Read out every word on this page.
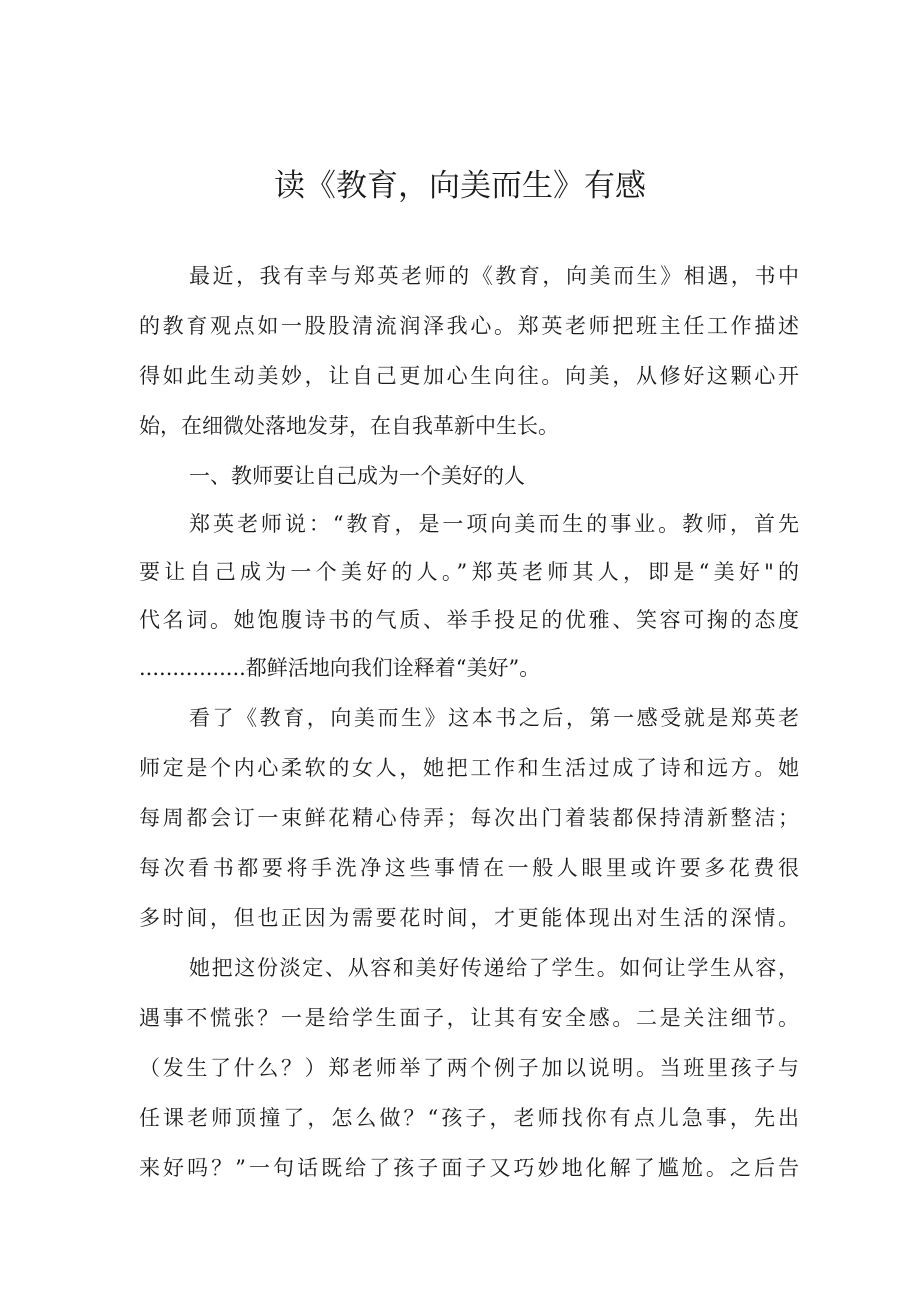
读《教育，向美而生》有感
最近，我有幸与郑英老师的《教育，向美而生》相遇，书中
的教育观点如一股股清流润泽我心。郑英老师把班主任工作描述
得如此生动美妙，让自己更加心生向往。向美，从修好这颗心开
始，在细微处落地发芽，在自我革新中生长。
一、教师要让自己成为一个美好的人
郑英老师说：“教育，是一项向美而生的事业。教师，首先
要让自己成为一个美好的人。”郑英老师其人，即是“美好"的
代名词。她饱腹诗书的气质、举手投足的优雅、笑容可掬的态度
................都鲜活地向我们诠释着“美好”。
看了《教育，向美而生》这本书之后，第一感受就是郑英老
师定是个内心柔软的女人，她把工作和生活过成了诗和远方。她
每周都会订一束鲜花精心侍弄；每次出门着装都保持清新整洁；
每次看书都要将手洗净这些事情在一般人眼里或许要多花费很
多时间，但也正因为需要花时间，才更能体现出对生活的深情。
她把这份淡定、从容和美好传递给了学生。如何让学生从容，
遇事不慌张？一是给学生面子，让其有安全感。二是关注细节。
（发生了什么？）郑老师举了两个例子加以说明。当班里孩子与
任课老师顶撞了，怎么做？“孩子，老师找你有点儿急事，先出
来好吗？”一句话既给了孩子面子又巧妙地化解了尴尬。之后告
